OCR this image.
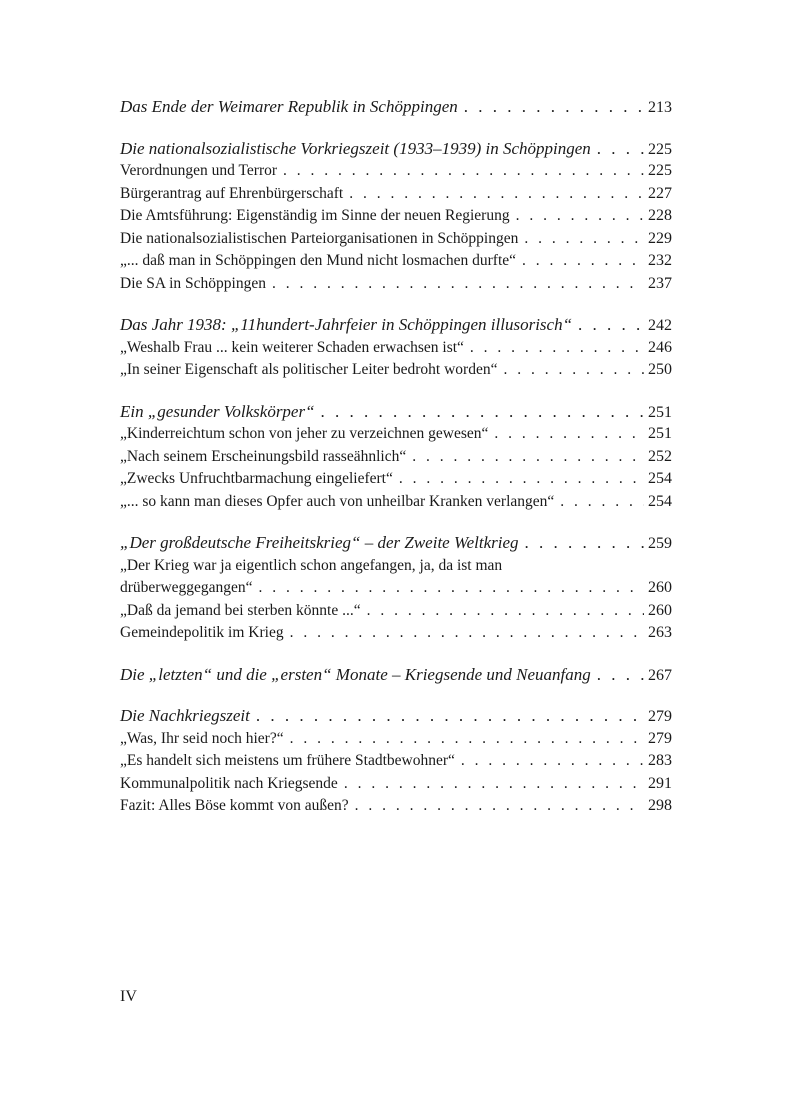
Das Ende der Weimarer Republik in Schöppingen . . .	213
Die nationalsozialistische Vorkriegszeit (1933–1939) in Schöppingen . . .	225
Verordnungen und Terror . . .	225
Bürgerantrag auf Ehrenbürgerschaft . . .	227
Die Amtsführung: Eigenständig im Sinne der neuen Regierung . . .	228
Die nationalsozialistischen Parteiorganisationen in Schöppingen . . .	229
„... daß man in Schöppingen den Mund nicht losmachen durfte“ . . .	232
Die SA in Schöppingen . . .	237
Das Jahr 1938: „11hundert-Jahrfeier in Schöppingen illusorisch“ . . .	242
„Weshalb Frau ... kein weiterer Schaden erwachsen ist“ . . .	246
„In seiner Eigenschaft als politischer Leiter bedroht worden“ . . .	250
Ein „gesunder Volkskörper“ . . .	251
„Kinderreichtum schon von jeher zu verzeichnen gewesen“ . . .	251
„Nach seinem Erscheinungsbild rasseähnlich“ . . .	252
„Zwecks Unfruchtbarmachung eingeliefert“ . . .	254
„... so kann man dieses Opfer auch von unheilbar Kranken verlangen“ . . .	254
„Der großdeutsche Freiheitskrieg“ – der Zweite Weltkrieg . . .	259
„Der Krieg war ja eigentlich schon angefangen, ja, da ist man
drüberweggegangen“ . . .	260
„Daß da jemand bei sterben könnte ...“ . . .	260
Gemeindepolitik im Krieg . . .	263
Die „letzten“ und die „ersten“ Monate – Kriegsende und Neuanfang . . .	267
Die Nachkriegszeit . . .	279
„Was, Ihr seid noch hier?“ . . .	279
„Es handelt sich meistens um frühere Stadtbewohner“ . . .	283
Kommunalpolitik nach Kriegsende . . .	291
Fazit: Alles Böse kommt von außen? . . .	298
IV
